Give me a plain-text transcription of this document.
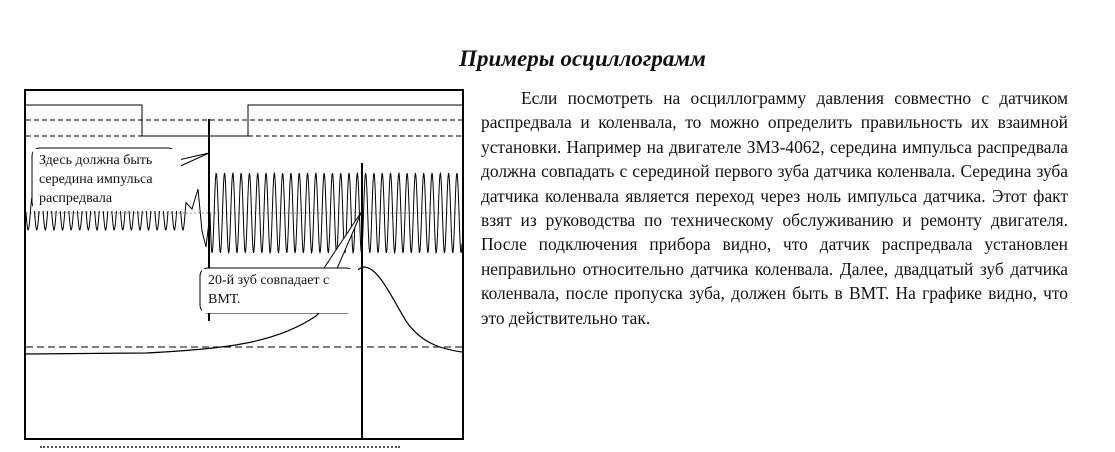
Примеры осциллограмм
Здесь должна быть середина импульса распредвала
20-й зуб совпадает с ВМТ.

Если посмотреть на осциллограмму давления совместно с датчиком распредвала и коленвала, то можно определить правильность их взаимной установки. Например на двигателе ЗМЗ-4062, середина импульса распредвала должна совпадать с серединой первого зуба датчика коленвала. Середина зуба датчика коленвала является переход через ноль импульса датчика. Этот факт взят из руководства по техническому обслуживанию и ремонту двигателя. После подключения прибора видно, что датчик распредвала установлен неправильно относительно датчика коленвала. Далее, двадцатый зуб датчика коленвала, после пропуска зуба, должен быть в ВМТ. На графике видно, что это действительно так.
